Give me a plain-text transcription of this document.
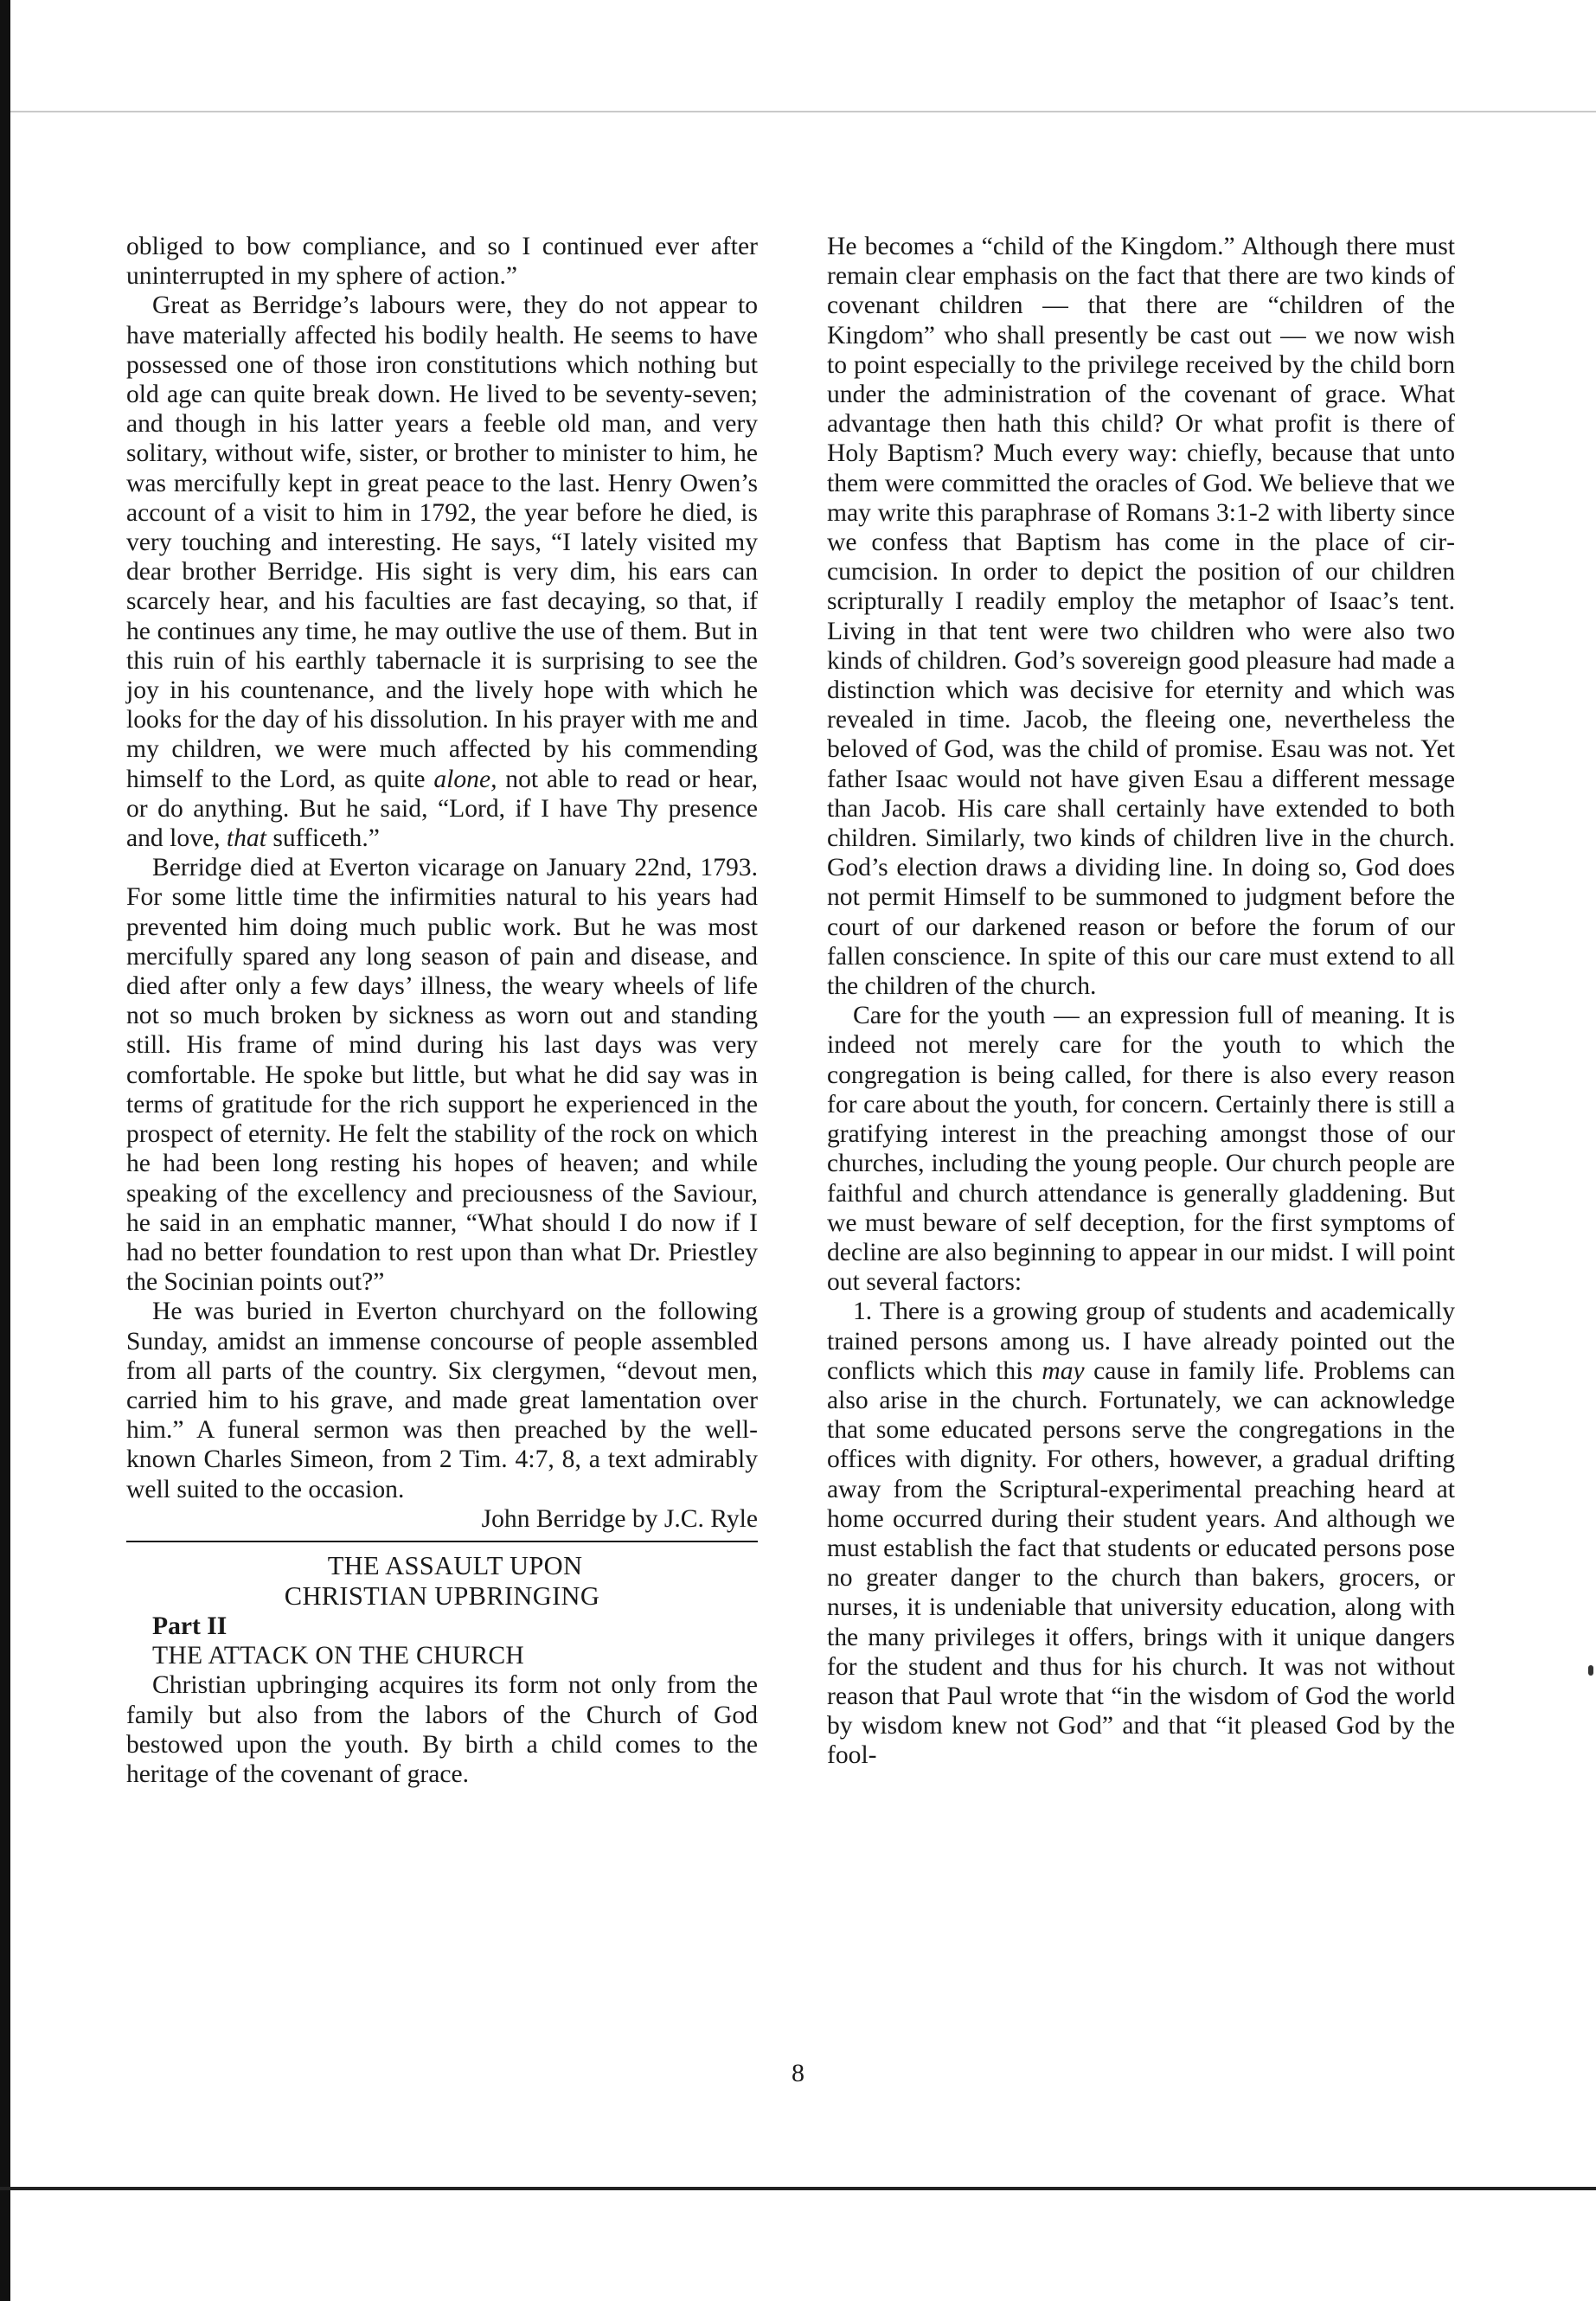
obliged to bow compliance, and so I continued ever after uninterrupted in my sphere of action.”

Great as Berridge’s labours were, they do not appear to have materially affected his bodily health. He seems to have possessed one of those iron constitutions which nothing but old age can quite break down. He lived to be seventy-seven; and though in his latter years a feeble old man, and very solitary, without wife, sister, or brother to minister to him, he was mercifully kept in great peace to the last. Henry Owen’s account of a visit to him in 1792, the year before he died, is very touching and interesting. He says, “I lately visited my dear brother Berridge. His sight is very dim, his ears can scarcely hear, and his faculties are fast decaying, so that, if he continues any time, he may outlive the use of them. But in this ruin of his earthly tabernacle it is surprising to see the joy in his countenance, and the lively hope with which he looks for the day of his dissolution. In his prayer with me and my children, we were much affected by his commending himself to the Lord, as quite alone, not able to read or hear, or do anything. But he said, “Lord, if I have Thy presence and love, that sufficeth.”

Berridge died at Everton vicarage on January 22nd, 1793. For some little time the infirmities natural to his years had prevented him doing much public work. But he was most mercifully spared any long season of pain and disease, and died after only a few days’ illness, the weary wheels of life not so much broken by sickness as worn out and standing still. His frame of mind during his last days was very comfortable. He spoke but little, but what he did say was in terms of gratitude for the rich support he experienced in the prospect of eternity. He felt the stability of the rock on which he had been long resting his hopes of heaven; and while speaking of the excellency and preciousness of the Saviour, he said in an emphatic manner, “What should I do now if I had no better foundation to rest upon than what Dr. Priestley the Socinian points out?”

He was buried in Everton churchyard on the following Sunday, amidst an immense concourse of people assembled from all parts of the country. Six clergymen, “devout men, carried him to his grave, and made great lamentation over him.” A funeral sermon was then preached by the well-known Charles Simeon, from 2 Tim. 4:7, 8, a text admirably well suited to the occasion.

John Berridge by J.C. Ryle

THE ASSAULT UPON
CHRISTIAN UPBRINGING

Part II

THE ATTACK ON THE CHURCH

Christian upbringing acquires its form not only from the family but also from the labors of the Church of God bestowed upon the youth. By birth a child comes to the heritage of the covenant of grace.

He becomes a “child of the Kingdom.” Although there must remain clear emphasis on the fact that there are two kinds of covenant children — that there are “children of the Kingdom” who shall presently be cast out — we now wish to point especially to the privilege received by the child born under the administration of the covenant of grace. What advantage then hath this child? Or what profit is there of Holy Baptism? Much every way: chiefly, because that unto them were committed the oracles of God. We believe that we may write this paraphrase of Romans 3:1-2 with liberty since we confess that Baptism has come in the place of circumcision. In order to depict the position of our children scripturally I readily employ the metaphor of Isaac’s tent. Living in that tent were two children who were also two kinds of children. God’s sovereign good pleasure had made a distinction which was decisive for eternity and which was revealed in time. Jacob, the fleeing one, nevertheless the beloved of God, was the child of promise. Esau was not. Yet father Isaac would not have given Esau a different message than Jacob. His care shall certainly have extended to both children. Similarly, two kinds of children live in the church. God’s election draws a dividing line. In doing so, God does not permit Himself to be summoned to judgment before the court of our darkened reason or before the forum of our fallen conscience. In spite of this our care must extend to all the children of the church.

Care for the youth — an expression full of meaning. It is indeed not merely care for the youth to which the congregation is being called, for there is also every reason for care about the youth, for concern. Certainly there is still a gratifying interest in the preaching amongst those of our churches, including the young people. Our church people are faithful and church attendance is generally gladdening. But we must beware of self deception, for the first symptoms of decline are also beginning to appear in our midst. I will point out several factors:

1. There is a growing group of students and academically trained persons among us. I have already pointed out the conflicts which this may cause in family life. Problems can also arise in the church. Fortunately, we can acknowledge that some educated persons serve the congregations in the offices with dignity. For others, however, a gradual drifting away from the Scriptural-experimental preaching heard at home occurred during their student years. And although we must establish the fact that students or educated persons pose no greater danger to the church than bakers, grocers, or nurses, it is undeniable that university education, along with the many privileges it offers, brings with it unique dangers for the student and thus for his church. It was not without reason that Paul wrote that “in the wisdom of God the world by wisdom knew not God” and that “it pleased God by the fool-

8
